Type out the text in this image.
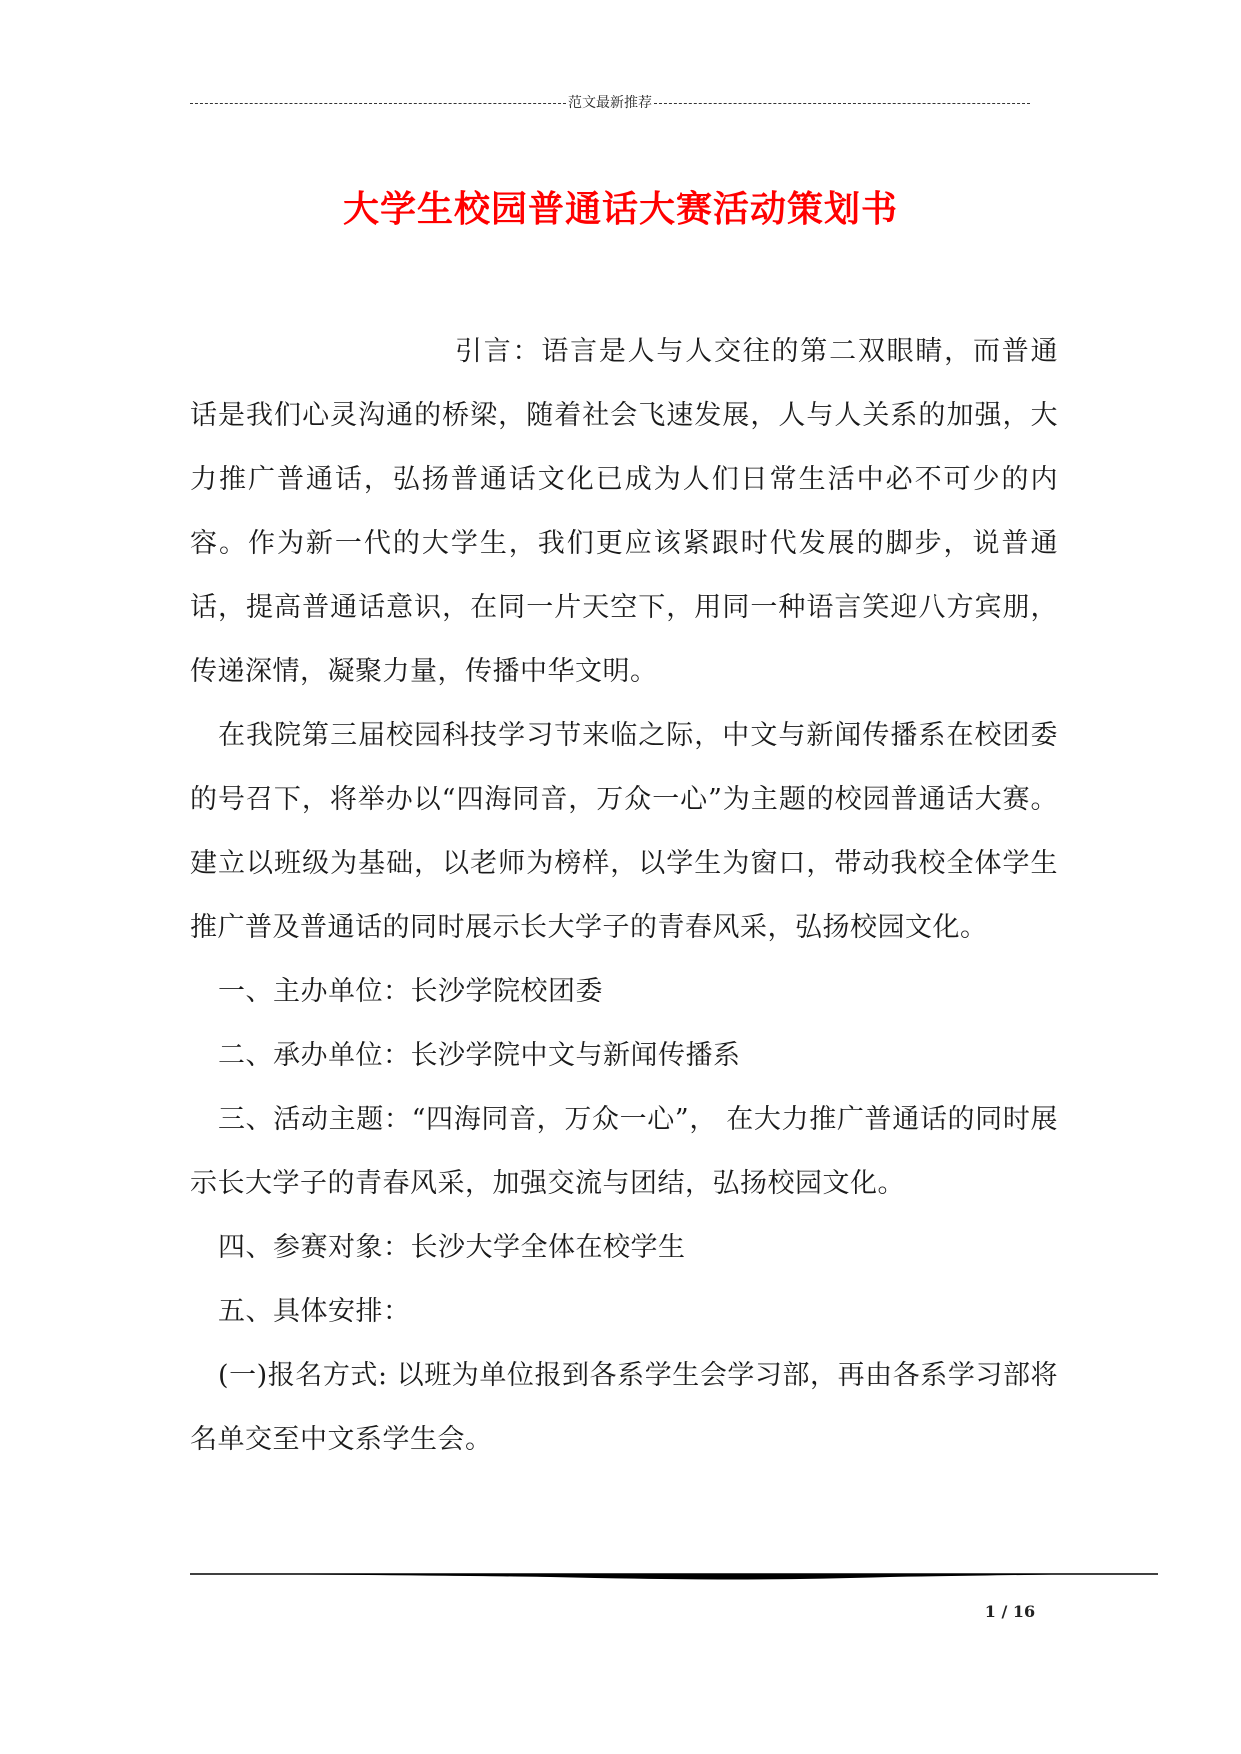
范文最新推荐
大学生校园普通话大赛活动策划书

引言：语言是人与人交往的第二双眼睛，而普通话是我们心灵沟通的桥梁，随着社会飞速发展，人与人关系的加强，大力推广普通话，弘扬普通话文化已成为人们日常生活中必不可少的内容。作为新一代的大学生，我们更应该紧跟时代发展的脚步，说普通话，提高普通话意识，在同一片天空下，用同一种语言笑迎八方宾朋，传递深情，凝聚力量，传播中华文明。

在我院第三届校园科技学习节来临之际，中文与新闻传播系在校团委的号召下，将举办以“四海同音，万众一心”为主题的校园普通话大赛。建立以班级为基础，以老师为榜样，以学生为窗口，带动我校全体学生推广普及普通话的同时展示长大学子的青春风采，弘扬校园文化。

一、主办单位：长沙学院校团委

二、承办单位：长沙学院中文与新闻传播系

三、活动主题：“四海同音，万众一心”， 在大力推广普通话的同时展示长大学子的青春风采，加强交流与团结，弘扬校园文化。

四、参赛对象：长沙大学全体在校学生

五、具体安排：

(一)报名方式: 以班为单位报到各系学生会学习部，再由各系学习部将名单交至中文系学生会。

1 / 16
